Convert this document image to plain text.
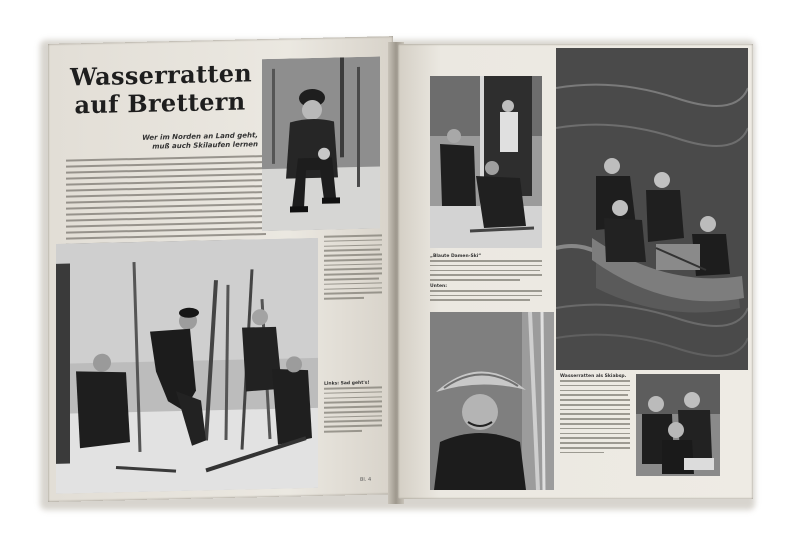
Wasserratten
auf Brettern
Wer im Norden an Land geht,
muß auch Skilaufen lernen
Links: Sad geht's!
Bl. 4
„Blaute Damen-Ski“
Unten:
Wasserratten als Skiabsp.
